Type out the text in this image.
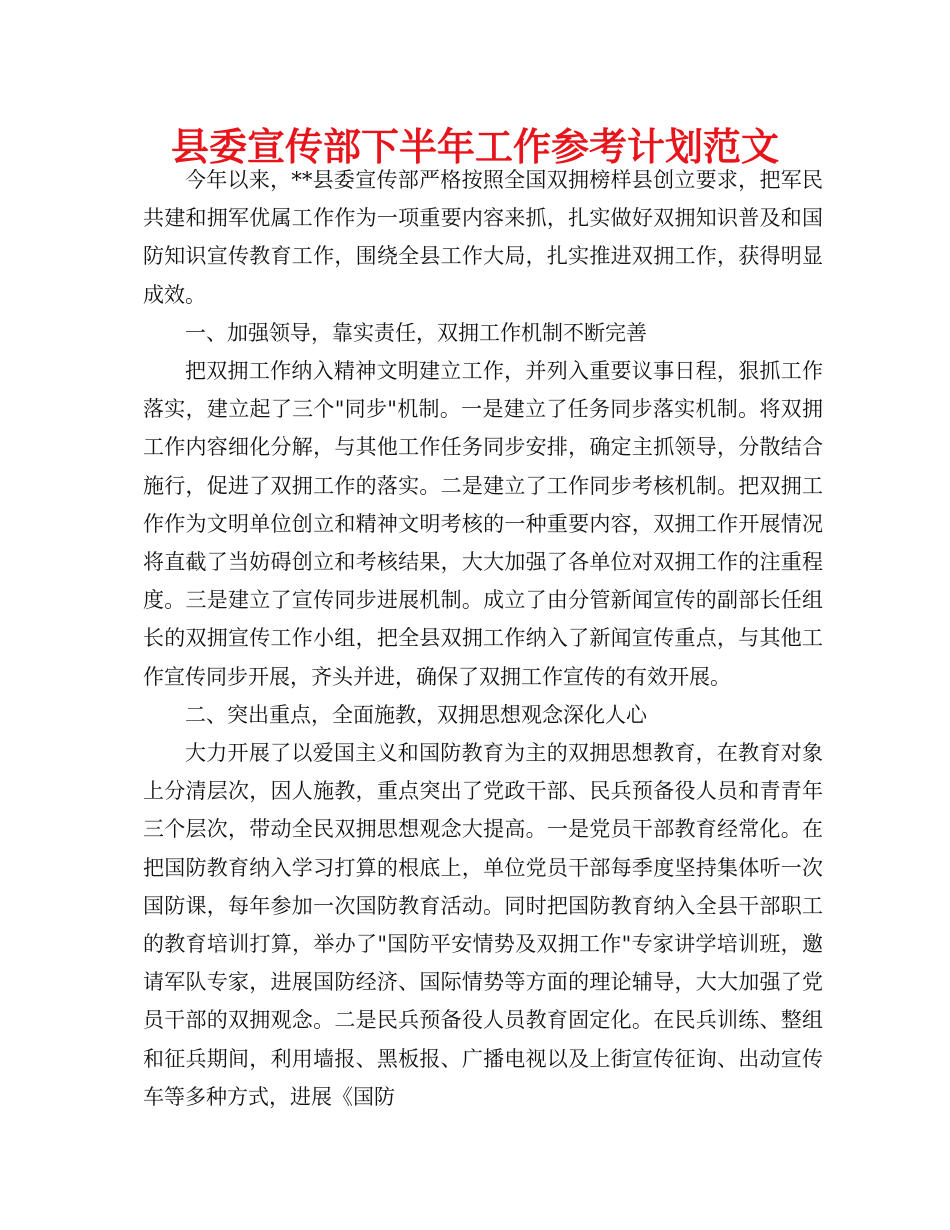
县委宣传部下半年工作参考计划范文

今年以来，**县委宣传部严格按照全国双拥榜样县创立要求，把军民共建和拥军优属工作作为一项重要内容来抓，扎实做好双拥知识普及和国防知识宣传教育工作，围绕全县工作大局，扎实推进双拥工作，获得明显成效。

一、加强领导，靠实责任，双拥工作机制不断完善

把双拥工作纳入精神文明建立工作，并列入重要议事日程，狠抓工作落实，建立起了三个"同步"机制。一是建立了任务同步落实机制。将双拥工作内容细化分解，与其他工作任务同步安排，确定主抓领导，分散结合施行，促进了双拥工作的落实。二是建立了工作同步考核机制。把双拥工作作为文明单位创立和精神文明考核的一种重要内容，双拥工作开展情况将直截了当妨碍创立和考核结果，大大加强了各单位对双拥工作的注重程度。三是建立了宣传同步进展机制。成立了由分管新闻宣传的副部长任组长的双拥宣传工作小组，把全县双拥工作纳入了新闻宣传重点，与其他工作宣传同步开展，齐头并进，确保了双拥工作宣传的有效开展。

二、突出重点，全面施教，双拥思想观念深化人心

大力开展了以爱国主义和国防教育为主的双拥思想教育，在教育对象上分清层次，因人施教，重点突出了党政干部、民兵预备役人员和青青年三个层次，带动全民双拥思想观念大提高。一是党员干部教育经常化。在把国防教育纳入学习打算的根底上，单位党员干部每季度坚持集体听一次国防课，每年参加一次国防教育活动。同时把国防教育纳入全县干部职工的教育培训打算，举办了"国防平安情势及双拥工作"专家讲学培训班，邀请军队专家，进展国防经济、国际情势等方面的理论辅导，大大加强了党员干部的双拥观念。二是民兵预备役人员教育固定化。在民兵训练、整组和征兵期间，利用墙报、黑板报、广播电视以及上街宣传征询、出动宣传车等多种方式，进展《国防
